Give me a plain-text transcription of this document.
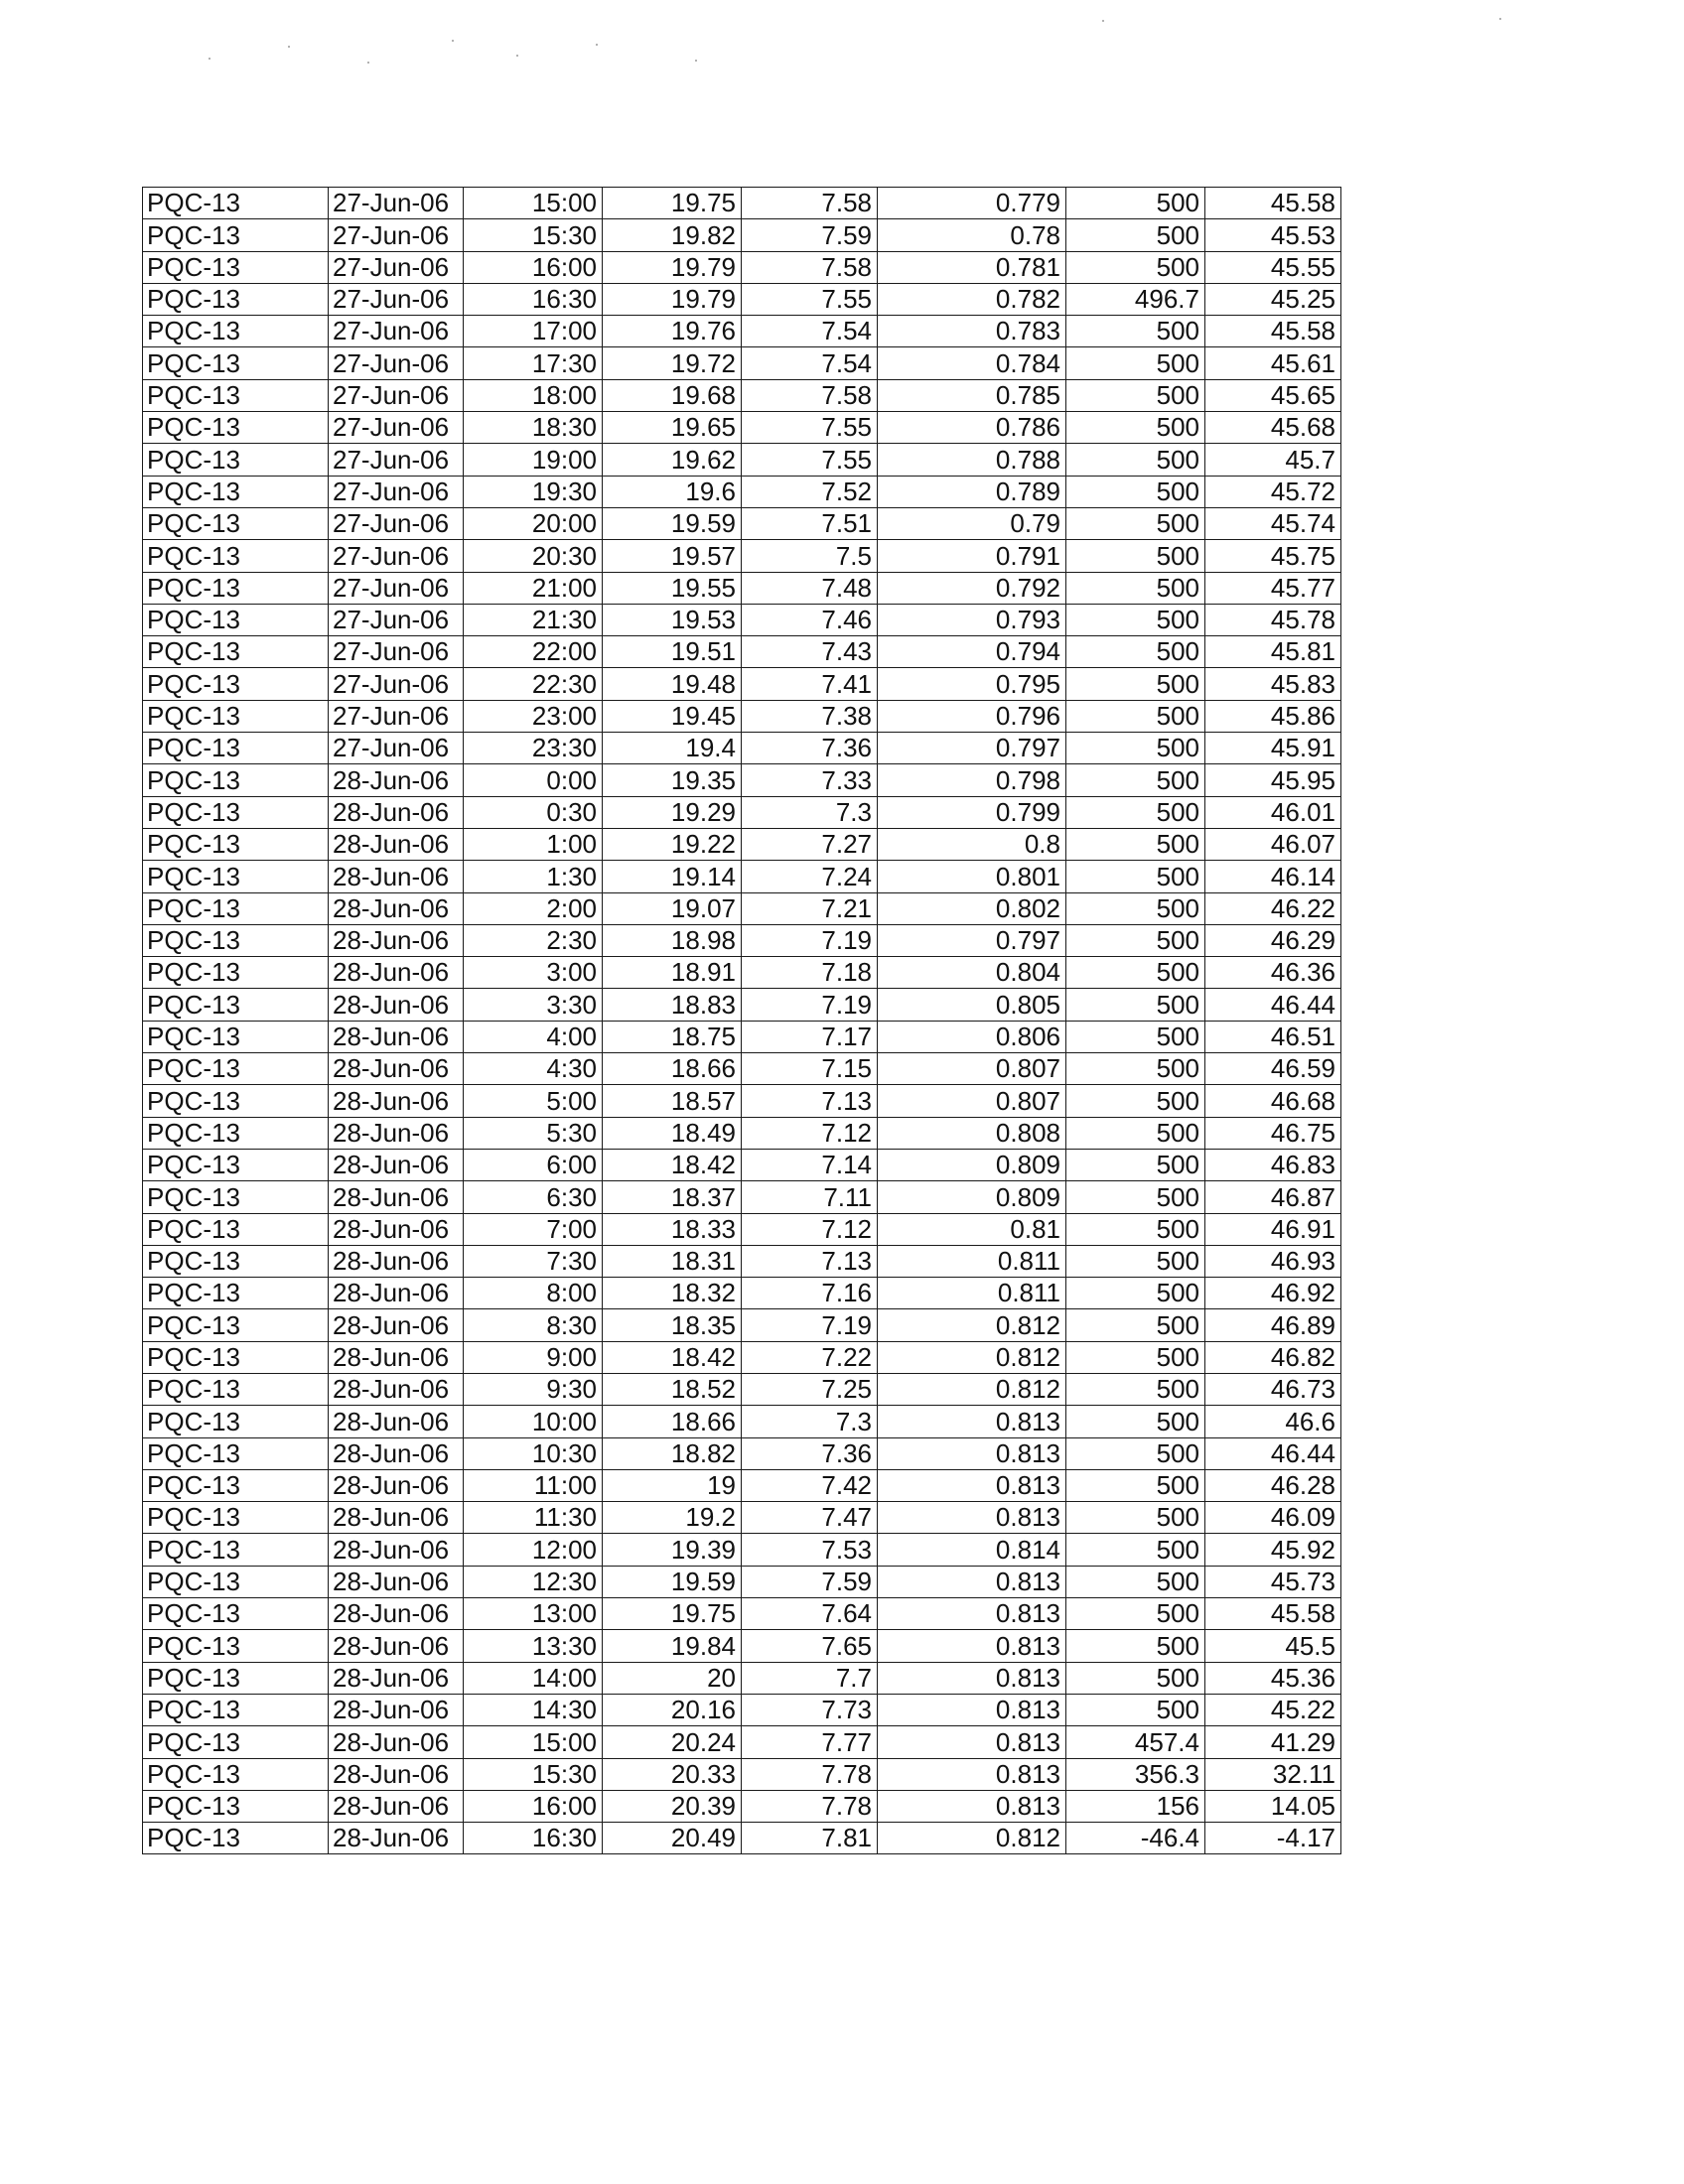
PQC-13	27-Jun-06	15:00	19.75	7.58	0.779	500	45.58
PQC-13	27-Jun-06	15:30	19.82	7.59	0.78	500	45.53
PQC-13	27-Jun-06	16:00	19.79	7.58	0.781	500	45.55
PQC-13	27-Jun-06	16:30	19.79	7.55	0.782	496.7	45.25
PQC-13	27-Jun-06	17:00	19.76	7.54	0.783	500	45.58
PQC-13	27-Jun-06	17:30	19.72	7.54	0.784	500	45.61
PQC-13	27-Jun-06	18:00	19.68	7.58	0.785	500	45.65
PQC-13	27-Jun-06	18:30	19.65	7.55	0.786	500	45.68
PQC-13	27-Jun-06	19:00	19.62	7.55	0.788	500	45.7
PQC-13	27-Jun-06	19:30	19.6	7.52	0.789	500	45.72
PQC-13	27-Jun-06	20:00	19.59	7.51	0.79	500	45.74
PQC-13	27-Jun-06	20:30	19.57	7.5	0.791	500	45.75
PQC-13	27-Jun-06	21:00	19.55	7.48	0.792	500	45.77
PQC-13	27-Jun-06	21:30	19.53	7.46	0.793	500	45.78
PQC-13	27-Jun-06	22:00	19.51	7.43	0.794	500	45.81
PQC-13	27-Jun-06	22:30	19.48	7.41	0.795	500	45.83
PQC-13	27-Jun-06	23:00	19.45	7.38	0.796	500	45.86
PQC-13	27-Jun-06	23:30	19.4	7.36	0.797	500	45.91
PQC-13	28-Jun-06	0:00	19.35	7.33	0.798	500	45.95
PQC-13	28-Jun-06	0:30	19.29	7.3	0.799	500	46.01
PQC-13	28-Jun-06	1:00	19.22	7.27	0.8	500	46.07
PQC-13	28-Jun-06	1:30	19.14	7.24	0.801	500	46.14
PQC-13	28-Jun-06	2:00	19.07	7.21	0.802	500	46.22
PQC-13	28-Jun-06	2:30	18.98	7.19	0.797	500	46.29
PQC-13	28-Jun-06	3:00	18.91	7.18	0.804	500	46.36
PQC-13	28-Jun-06	3:30	18.83	7.19	0.805	500	46.44
PQC-13	28-Jun-06	4:00	18.75	7.17	0.806	500	46.51
PQC-13	28-Jun-06	4:30	18.66	7.15	0.807	500	46.59
PQC-13	28-Jun-06	5:00	18.57	7.13	0.807	500	46.68
PQC-13	28-Jun-06	5:30	18.49	7.12	0.808	500	46.75
PQC-13	28-Jun-06	6:00	18.42	7.14	0.809	500	46.83
PQC-13	28-Jun-06	6:30	18.37	7.11	0.809	500	46.87
PQC-13	28-Jun-06	7:00	18.33	7.12	0.81	500	46.91
PQC-13	28-Jun-06	7:30	18.31	7.13	0.811	500	46.93
PQC-13	28-Jun-06	8:00	18.32	7.16	0.811	500	46.92
PQC-13	28-Jun-06	8:30	18.35	7.19	0.812	500	46.89
PQC-13	28-Jun-06	9:00	18.42	7.22	0.812	500	46.82
PQC-13	28-Jun-06	9:30	18.52	7.25	0.812	500	46.73
PQC-13	28-Jun-06	10:00	18.66	7.3	0.813	500	46.6
PQC-13	28-Jun-06	10:30	18.82	7.36	0.813	500	46.44
PQC-13	28-Jun-06	11:00	19	7.42	0.813	500	46.28
PQC-13	28-Jun-06	11:30	19.2	7.47	0.813	500	46.09
PQC-13	28-Jun-06	12:00	19.39	7.53	0.814	500	45.92
PQC-13	28-Jun-06	12:30	19.59	7.59	0.813	500	45.73
PQC-13	28-Jun-06	13:00	19.75	7.64	0.813	500	45.58
PQC-13	28-Jun-06	13:30	19.84	7.65	0.813	500	45.5
PQC-13	28-Jun-06	14:00	20	7.7	0.813	500	45.36
PQC-13	28-Jun-06	14:30	20.16	7.73	0.813	500	45.22
PQC-13	28-Jun-06	15:00	20.24	7.77	0.813	457.4	41.29
PQC-13	28-Jun-06	15:30	20.33	7.78	0.813	356.3	32.11
PQC-13	28-Jun-06	16:00	20.39	7.78	0.813	156	14.05
PQC-13	28-Jun-06	16:30	20.49	7.81	0.812	-46.4	-4.17
